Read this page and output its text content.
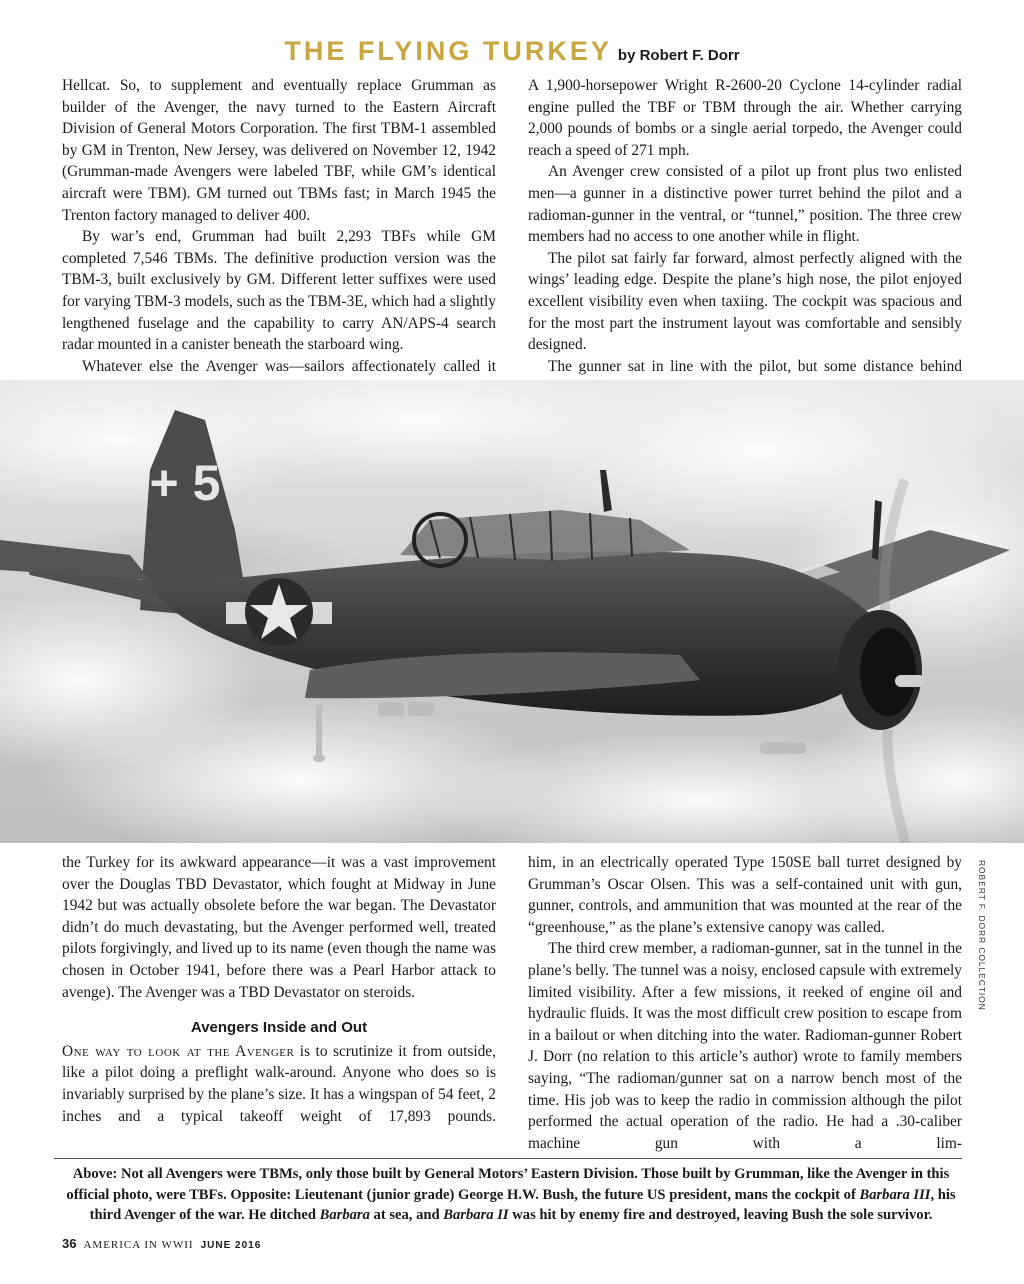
THE FLYING TURKEY by Robert F. Dorr

Hellcat. So, to supplement and eventually replace Grumman as builder of the Avenger, the navy turned to the Eastern Aircraft Division of General Motors Corporation. The first TBM-1 assembled by GM in Trenton, New Jersey, was delivered on November 12, 1942 (Grumman-made Avengers were labeled TBF, while GM’s identical aircraft were TBM). GM turned out TBMs fast; in March 1945 the Trenton factory managed to deliver 400.

By war’s end, Grumman had built 2,293 TBFs while GM completed 7,546 TBMs. The definitive production version was the TBM-3, built exclusively by GM. Different letter suffixes were used for varying TBM-3 models, such as the TBM-3E, which had a slightly lengthened fuselage and the capability to carry AN/APS-4 search radar mounted in a canister beneath the starboard wing.

Whatever else the Avenger was—sailors affectionately called it

A 1,900-horsepower Wright R-2600-20 Cyclone 14-cylinder radial engine pulled the TBF or TBM through the air. Whether carrying 2,000 pounds of bombs or a single aerial torpedo, the Avenger could reach a speed of 271 mph.

An Avenger crew consisted of a pilot up front plus two enlisted men—a gunner in a distinctive power turret behind the pilot and a radioman-gunner in the ventral, or “tunnel,” position. The three crew members had no access to one another while in flight.

The pilot sat fairly far forward, almost perfectly aligned with the wings’ leading edge. Despite the plane’s high nose, the pilot enjoyed excellent visibility even when taxiing. The cockpit was spacious and for the most part the instrument layout was comfortable and sensibly designed.

The gunner sat in line with the pilot, but some distance behind

+ 5
ROBERT F. DORR COLLECTION

the Turkey for its awkward appearance—it was a vast improvement over the Douglas TBD Devastator, which fought at Midway in June 1942 but was actually obsolete before the war began. The Devastator didn’t do much devastating, but the Avenger performed well, treated pilots forgivingly, and lived up to its name (even though the name was chosen in October 1941, before there was a Pearl Harbor attack to avenge). The Avenger was a TBD Devastator on steroids.

Avengers Inside and Out

One way to look at the Avenger is to scrutinize it from outside, like a pilot doing a preflight walk-around. Anyone who does so is invariably surprised by the plane’s size. It has a wingspan of 54 feet, 2 inches and a typical takeoff weight of 17,893 pounds.

him, in an electrically operated Type 150SE ball turret designed by Grumman’s Oscar Olsen. This was a self-contained unit with gun, gunner, controls, and ammunition that was mounted at the rear of the “greenhouse,” as the plane’s extensive canopy was called.

The third crew member, a radioman-gunner, sat in the tunnel in the plane’s belly. The tunnel was a noisy, enclosed capsule with extremely limited visibility. After a few missions, it reeked of engine oil and hydraulic fluids. It was the most difficult crew position to escape from in a bailout or when ditching into the water. Radioman-gunner Robert J. Dorr (no relation to this article’s author) wrote to family members saying, “The radioman/gunner sat on a narrow bench most of the time. His job was to keep the radio in commission although the pilot performed the actual operation of the radio. He had a .30-caliber machine gun with a lim-

Above: Not all Avengers were TBMs, only those built by General Motors’ Eastern Division. Those built by Grumman, like the Avenger in this official photo, were TBFs. Opposite: Lieutenant (junior grade) George H.W. Bush, the future US president, mans the cockpit of Barbara III, his third Avenger of the war. He ditched Barbara at sea, and Barbara II was hit by enemy fire and destroyed, leaving Bush the sole survivor.
36 AMERICA IN WWII JUNE 2016
